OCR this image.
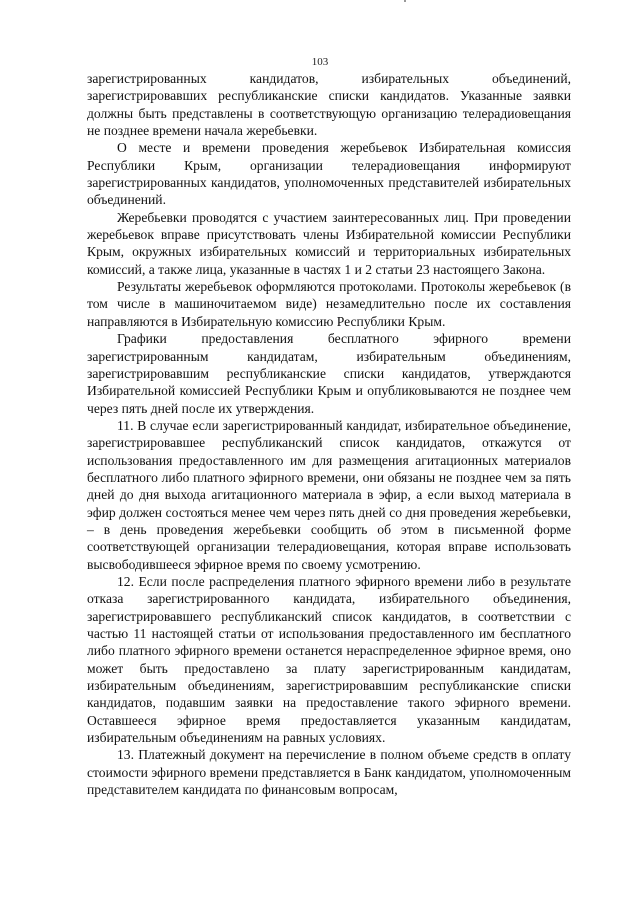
103

зарегистрированных кандидатов, избирательных объединений, зарегистрировавших республиканские списки кандидатов. Указанные заявки должны быть представлены в соответствующую организацию телерадиовещания не позднее времени начала жеребьевки.

О месте и времени проведения жеребьевок Избирательная комиссия Республики Крым, организации телерадиовещания информируют зарегистрированных кандидатов, уполномоченных представителей избирательных объединений.

Жеребьевки проводятся с участием заинтересованных лиц. При проведении жеребьевок вправе присутствовать члены Избирательной комиссии Республики Крым, окружных избирательных комиссий и территориальных избирательных комиссий, а также лица, указанные в частях 1 и 2 статьи 23 настоящего Закона.

Результаты жеребьевок оформляются протоколами. Протоколы жеребьевок (в том числе в машиночитаемом виде) незамедлительно после их составления направляются в Избирательную комиссию Республики Крым.

Графики предоставления бесплатного эфирного времени зарегистрированным кандидатам, избирательным объединениям, зарегистрировавшим республиканские списки кандидатов, утверждаются Избирательной комиссией Республики Крым и опубликовываются не позднее чем через пять дней после их утверждения.

11. В случае если зарегистрированный кандидат, избирательное объединение, зарегистрировавшее республиканский список кандидатов, откажутся от использования предоставленного им для размещения агитационных материалов бесплатного либо платного эфирного времени, они обязаны не позднее чем за пять дней до дня выхода агитационного материала в эфир, а если выход материала в эфир должен состояться менее чем через пять дней со дня проведения жеребьевки, – в день проведения жеребьевки сообщить об этом в письменной форме соответствующей организации телерадиовещания, которая вправе использовать высвободившееся эфирное время по своему усмотрению.

12. Если после распределения платного эфирного времени либо в результате отказа зарегистрированного кандидата, избирательного объединения, зарегистрировавшего республиканский список кандидатов, в соответствии с частью 11 настоящей статьи от использования предоставленного им бесплатного либо платного эфирного времени останется нераспределенное эфирное время, оно может быть предоставлено за плату зарегистрированным кандидатам, избирательным объединениям, зарегистрировавшим республиканские списки кандидатов, подавшим заявки на предоставление такого эфирного времени. Оставшееся эфирное время предоставляется указанным кандидатам, избирательным объединениям на равных условиях.

13. Платежный документ на перечисление в полном объеме средств в оплату стоимости эфирного времени представляется в Банк кандидатом, уполномоченным представителем кандидата по финансовым вопросам,
